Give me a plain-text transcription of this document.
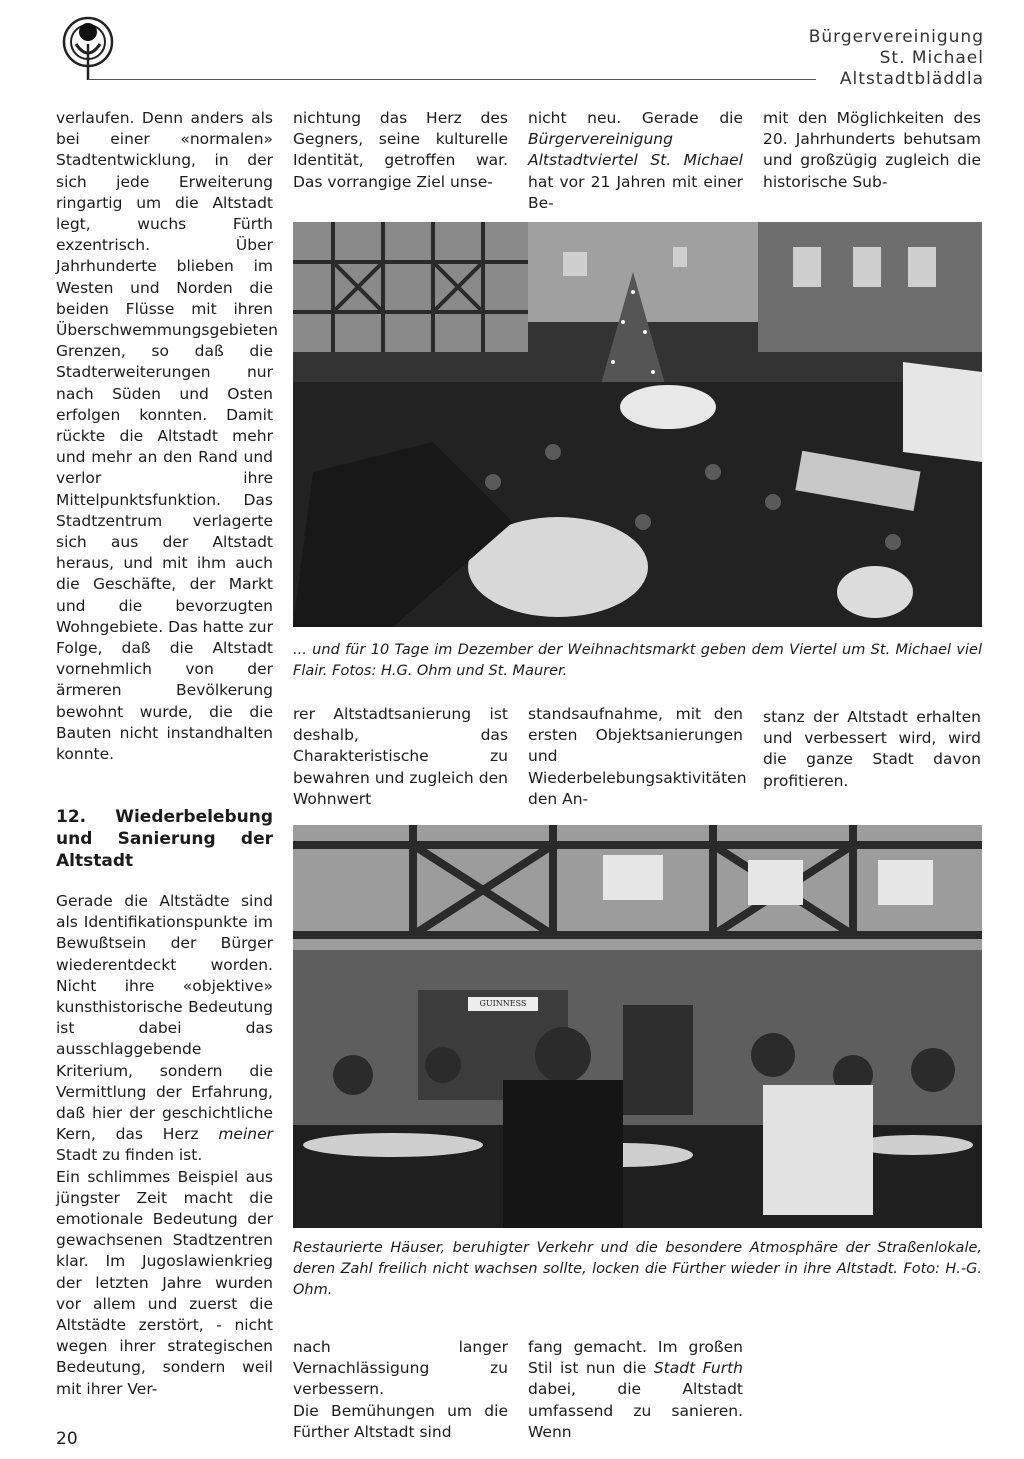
Bürgervereinigung
St. Michael
Altstadtbläddla

verlaufen. Denn anders als bei einer «normalen» Stadtentwicklung, in der sich jede Erweiterung ringartig um die Altstadt legt, wuchs Fürth exzentrisch. Über Jahrhunderte blieben im Westen und Norden die beiden Flüsse mit ihren Überschwemmungsgebieten Grenzen, so daß die Stadterweiterungen nur nach Süden und Osten erfolgen konnten. Damit rückte die Altstadt mehr und mehr an den Rand und verlor ihre Mittelpunktsfunktion. Das Stadtzentrum verlagerte sich aus der Altstadt heraus, und mit ihm auch die Geschäfte, der Markt und die bevorzugten Wohngebiete. Das hatte zur Folge, daß die Altstadt vornehmlich von der ärmeren Bevölkerung bewohnt wurde, die die Bauten nicht instandhalten konnte.

nichtung das Herz des Gegners, seine kulturelle Identität, getroffen war. Das vorrangige Ziel unse-

nicht neu. Gerade die Bürgervereinigung Altstadtviertel St. Michael hat vor 21 Jahren mit einer Be-

mit den Möglichkeiten des 20. Jahrhunderts behutsam und großzügig zugleich die historische Sub-

... und für 10 Tage im Dezember der Weihnachtsmarkt geben dem Viertel um St. Michael viel Flair. Fotos: H.G. Ohm und St. Maurer.

rer Altstadtsanierung ist deshalb, das Charakteristische zu bewahren und zugleich den Wohnwert

standsaufnahme, mit den ersten Objektsanierungen und Wiederbelebungsaktivitäten den An-

stanz der Altstadt erhalten und verbessert wird, wird die ganze Stadt davon profitieren.

12. Wiederbelebung und Sanierung der Altstadt

Gerade die Altstädte sind als Identifikationspunkte im Bewußtsein der Bürger wiederentdeckt worden. Nicht ihre «objektive» kunsthistorische Bedeutung ist dabei das ausschlaggebende Kriterium, sondern die Vermittlung der Erfahrung, daß hier der geschichtliche Kern, das Herz meiner Stadt zu finden ist.

Ein schlimmes Beispiel aus jüngster Zeit macht die emotionale Bedeutung der gewachsenen Stadtzentren klar. Im Jugoslawienkrieg der letzten Jahre wurden vor allem und zuerst die Altstädte zerstört, - nicht wegen ihrer strategischen Bedeutung, sondern weil mit ihrer Ver-

GUINNESS
Restaurierte Häuser, beruhigter Verkehr und die besondere Atmosphäre der Straßenlokale, deren Zahl freilich nicht wachsen sollte, locken die Fürther wieder in ihre Altstadt. Foto: H.-G. Ohm.

nach langer Vernachlässigung zu verbessern.

Die Bemühungen um die Fürther Altstadt sind

fang gemacht. Im großen Stil ist nun die Stadt Furth dabei, die Altstadt umfassend zu sanieren. Wenn

20
